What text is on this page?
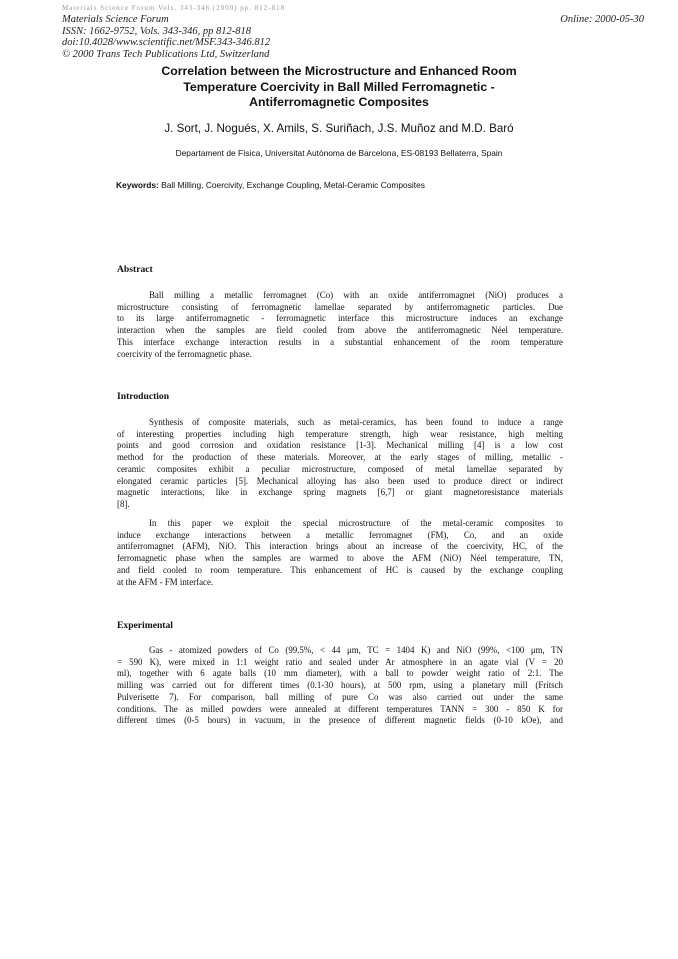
Materials Science Forum Vols. 343-346 (2000) pp. 812-818
Materials Science Forum
ISSN: 1662-9752, Vols. 343-346, pp 812-818
doi:10.4028/www.scientific.net/MSF.343-346.812
© 2000 Trans Tech Publications Ltd, Switzerland
Online: 2000-05-30
Correlation between the Microstructure and Enhanced Room
Temperature Coercivity in Ball Milled Ferromagnetic -
Antiferromagnetic Composites
J. Sort, J. Nogués, X. Amils, S. Suriñach, J.S. Muñoz and M.D. Baró
Departament de Física, Universitat Autònoma de Barcelona, ES-08193 Bellaterra, Spain
Keywords: Ball Milling, Coercivity, Exchange Coupling, Metal-Ceramic Composites
Abstract
Ball milling a metallic ferromagnet (Co) with an oxide antiferromagnet (NiO) produces a
microstructure consisting of ferromagnetic lamellae separated by antiferromagnetic particles. Due
to its large antiferromagnetic - ferromagnetic interface this microstructure induces an exchange
interaction when the samples are field cooled from above the antiferromagnetic Néel temperature.
This interface exchange interaction results in a substantial enhancement of the room temperature
coercivity of the ferromagnetic phase.
Introduction
Synthesis of composite materials, such as metal-ceramics, has been found to induce a range
of interesting properties including high temperature strength, high wear resistance, high melting
points and good corrosion and oxidation resistance [1-3]. Mechanical milling [4] is a low cost
method for the production of these materials. Moreover, at the early stages of milling, metallic -
ceramic composites exhibit a peculiar microstructure, composed of metal lamellae separated by
elongated ceramic particles [5]. Mechanical alloying has also been used to produce direct or indirect
magnetic interactions, like in exchange spring magnets [6,7] or giant magnetoresistance materials
[8].
In this paper we exploit the special microstructure of the metal-ceramic composites to
induce exchange interactions between a metallic ferromagnet (FM), Co, and an oxide
antiferromagnet (AFM), NiO. This interaction brings about an increase of the coercivity, HC, of the
ferromagnetic phase when the samples are warmed to above the AFM (NiO) Néel temperature, TN,
and field cooled to room temperature. This enhancement of HC is caused by the exchange coupling
at the AFM - FM interface.
Experimental
Gas - atomized powders of Co (99.5%, < 44 μm, TC = 1404 K) and NiO (99%, <100 μm, TN
= 590 K), were mixed in 1:1 weight ratio and sealed under Ar atmosphere in an agate vial (V = 20
ml), together with 6 agate balls (10 mm diameter), with a ball to powder weight ratio of 2:1. The
milling was carried out for different times (0.1-30 hours), at 500 rpm, using a planetary mill (Fritsch
Pulverisette 7). For comparison, ball milling of pure Co was also carried out under the same
conditions. The as milled powders were annealed at different temperatures TANN = 300 - 850 K for
different times (0-5 hours) in vacuum, in the presence of different magnetic fields (0-10 kOe), and
